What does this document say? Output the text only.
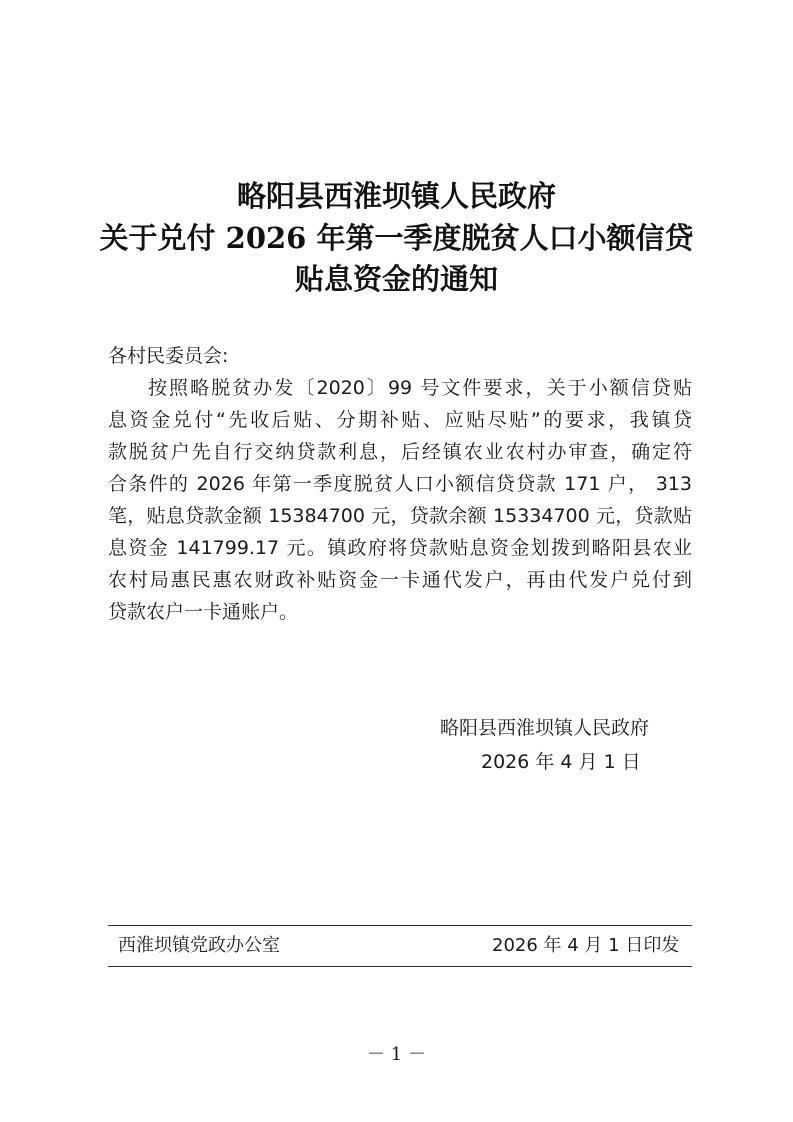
略阳县西淮坝镇人民政府
关于兑付 2026 年第一季度脱贫人口小额信贷
贴息资金的通知
各村民委员会:
按照略脱贫办发〔2020〕99 号文件要求，关于小额信贷贴
息资金兑付“先收后贴、分期补贴、应贴尽贴”的要求，我镇贷
款脱贫户先自行交纳贷款利息，后经镇农业农村办审查，确定符
合条件的 2026 年第一季度脱贫人口小额信贷贷款 171 户， 313
笔，贴息贷款金额 15384700 元，贷款余额 15334700 元，贷款贴
息资金 141799.17 元。镇政府将贷款贴息资金划拨到略阳县农业
农村局惠民惠农财政补贴资金一卡通代发户，再由代发户兑付到
贷款农户一卡通账户。
略阳县西淮坝镇人民政府
2026 年 4 月 1 日
西淮坝镇党政办公室	2026 年 4 月 1 日印发
－ 1 －
